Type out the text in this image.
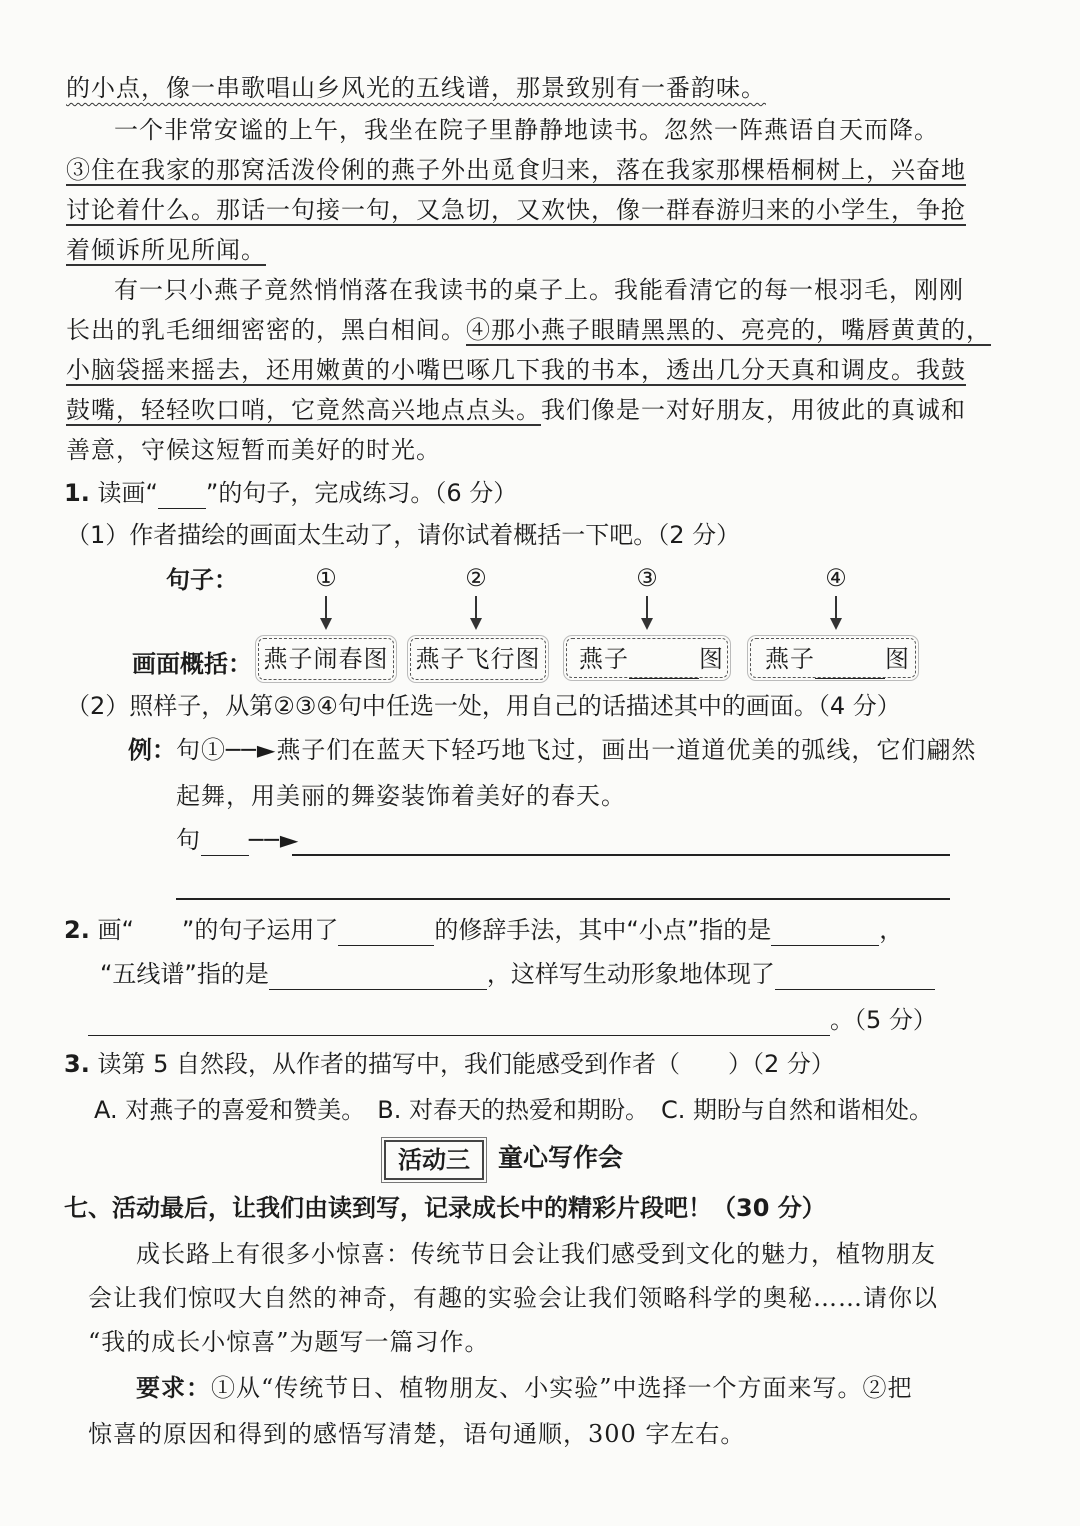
的小点，像一串歌唱山乡风光的五线谱，那景致别有一番韵味。
一个非常安谧的上午，我坐在院子里静静地读书。忽然一阵燕语自天而降。
③住在我家的那窝活泼伶俐的燕子外出觅食归来，落在我家那棵梧桐树上，兴奋地
讨论着什么。那话一句接一句，又急切，又欢快，像一群春游归来的小学生，争抢
着倾诉所见所闻。
有一只小燕子竟然悄悄落在我读书的桌子上。我能看清它的每一根羽毛，刚刚
长出的乳毛细细密密的，黑白相间。④那小燕子眼睛黑黑的、亮亮的，嘴唇黄黄的，
小脑袋摇来摇去，还用嫩黄的小嘴巴啄几下我的书本，透出几分天真和调皮。我鼓
鼓嘴，轻轻吹口哨，它竟然高兴地点点头。我们像是一对好朋友，用彼此的真诚和
善意，守候这短暂而美好的时光。
1. 读画“ ”的句子，完成练习。（6 分）
（1）作者描绘的画面太生动了，请你试着概括一下吧。（2 分）
句子：	①	②	③	④
画面概括： 燕子闹春图 燕子飞行图	燕子	图	燕子	图
（2）照样子，从第②③④句中任选一处，用自己的话描述其中的画面。（4 分）
例： 句①──►燕子们在蓝天下轻巧地飞过，画出一道道优美的弧线，它们翩然
起舞，用美丽的舞姿装饰着美好的春天。
句 ──►
2. 画“ ”的句子运用了	的修辞手法，其中“小点”指的是	，
“五线谱”指的是	，这样写生动形象地体现了
。（5 分）
3. 读第 5 自然段，从作者的描写中，我们能感受到作者（　　）（2 分）
A. 对燕子的喜爱和赞美。　B. 对春天的热爱和期盼。　C. 期盼与自然和谐相处。
活动三	童心写作会
七、活动最后，让我们由读到写，记录成长中的精彩片段吧！（30 分）
成长路上有很多小惊喜：传统节日会让我们感受到文化的魅力，植物朋友
会让我们惊叹大自然的神奇，有趣的实验会让我们领略科学的奥秘……请你以
“我的成长小惊喜”为题写一篇习作。
要求：①从“传统节日、植物朋友、小实验”中选择一个方面来写。②把
惊喜的原因和得到的感悟写清楚，语句通顺，300 字左右。
